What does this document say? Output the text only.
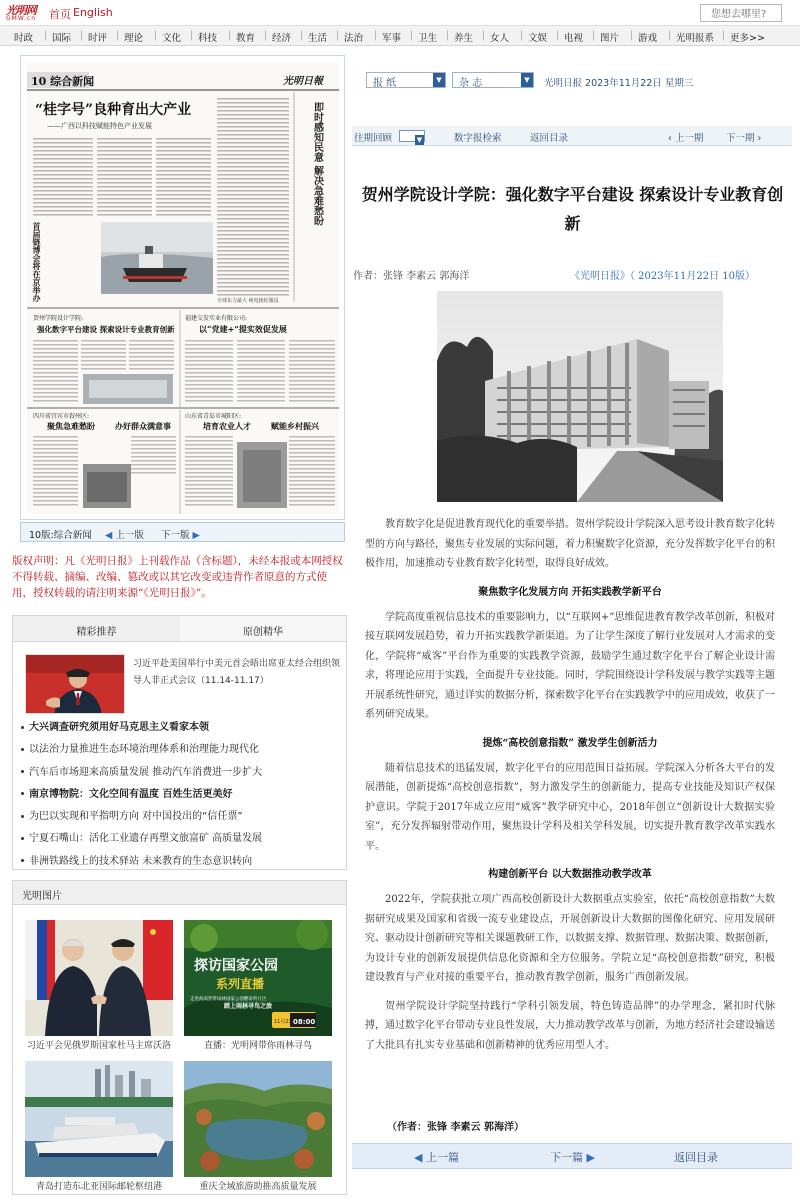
光明网
GMW.cn	首页 English
您想去哪里?
时政 | 国际 | 时评 | 理论 | 文化 | 科技 | 教育 | 经济 | 生活 | 法治 | 军事 | 卫生 | 养生 | 女人 | 文娱 | 电视 | 图片 | 游戏 | 光明报系 | 更多>>
10 综合新闻	光明日報
“桂字号”良种育出大产业
——广西以科技赋能特色产业发展	即时感知民意 解决急难愁盼
首届链博会将在京举办	全球东力最大 纯电拖轮服役
贺州学院设计学院:
强化数字平台建设 探索设计专业教育创新
福建交发实业有限公司:
以“党建+”提实效促发展
四川省宜宾市叙州区:
聚焦急难愁盼	办好群众满意事
山东省青岛市城阳区:
培育农业人才	赋能乡村振兴
10版:综合新闻 ◀ 上一版 下一版 ▶
版权声明：凡《光明日报》上刊载作品（含标题），未经本报或本网授权不得转载、摘编、改编、篡改或以其它改变或违背作者原意的方式使用，授权转载的请注明来源“《光明日报》”。
精彩推荐	原创精华
习近平赴美国举行中美元首会晤出席亚太经合组织领导人非正式会议（11.14-11.17）
大兴调查研究须用好马克思主义看家本领
以法治力量推进生态环境治理体系和治理能力现代化
汽车后市场迎来高质量发展 推动汽车消费进一步扩大
南京博物院：文化空间有温度 百姓生活更美好
为巴以实现和平指明方向 对中国投出的“信任票”
宁夏石嘴山：活化工业遗存再塑文旅富矿 高质量发展
非洲铁路线上的技术驿站 未来教育的生态意识转向
光明图片
习近平会见俄罗斯国家杜马主席沃洛
探访国家公园
系列直播
走进海南热带雨林国家公园鹦哥岭片区
踏上雨林寻鸟之旅
11月23日
08:00
直播：光明网带你雨林寻鸟
青岛打造东北亚国际邮轮枢纽港	重庆全域旅游助推高质量发展
报 纸	▼	杂 志	▼	光明日报 2023年11月22日 星期三
往期回顾	▼	数字报检索	返回目录	‹ 上一期 下一期 ›
贺州学院设计学院：强化数字平台建设 探索设计专业教育创新
作者：张锋 李素云 郭海洋	《光明日报》（ 2023年11月22日 10版）

教育数字化是促进教育现代化的重要举措。贺州学院设计学院深入思考设计教育数字化转型的方向与路径，聚焦专业发展的实际问题，着力积聚数字化资源，充分发挥数字化平台的积极作用，加速推动专业教育数字化转型，取得良好成效。

聚焦数字化发展方向 开拓实践教学新平台

学院高度重视信息技术的重要影响力，以“互联网+”思维促进教育教学改革创新，积极对接互联网发展趋势，着力开拓实践教学新渠道。为了让学生深度了解行业发展对人才需求的变化，学院将“威客”平台作为重要的实践教学资源，鼓励学生通过数字化平台了解企业设计需求，将理论应用于实践，全面提升专业技能。同时，学院围绕设计学科发展与教学实践等主题开展系统性研究，通过详实的数据分析，探索数字化平台在实践教学中的应用成效，收获了一系列研究成果。

提炼“高校创意指数” 激发学生创新活力

随着信息技术的迅猛发展，数字化平台的应用范围日益拓展。学院深入分析各大平台的发展潜能，创新提炼“高校创意指数”，努力激发学生的创新能力，提高专业技能及知识产权保护意识。学院于2017年成立应用“威客”教学研究中心，2018年创立“创新设计大数据实验室”，充分发挥辐射带动作用，聚焦设计学科及相关学科发展，切实提升教育教学改革实践水平。

构建创新平台 以大数据推动教学改革

2022年，学院获批立项广西高校创新设计大数据重点实验室，依托“高校创意指数”大数据研究成果及国家和省级一流专业建设点，开展创新设计大数据的图像化研究、应用发展研究、驱动设计创新研究等相关课题教研工作，以数据支撑、数据管理、数据决策、数据创新，为设计专业的创新发展提供信息化资源和全方位服务。学院立足“高校创意指数”研究，积极建设教育与产业对接的重要平台，推动教育教学创新，服务广西创新发展。

贺州学院设计学院坚持践行“学科引领发展，特色铸造品牌”的办学理念，紧扣时代脉搏，通过数字化平台带动专业良性发展，大力推动教学改革与创新，为地方经济社会建设输送了大批具有扎实专业基础和创新精神的优秀应用型人才。

（作者：张锋 李素云 郭海洋）
◀ 上一篇	下一篇 ▶	返回目录
